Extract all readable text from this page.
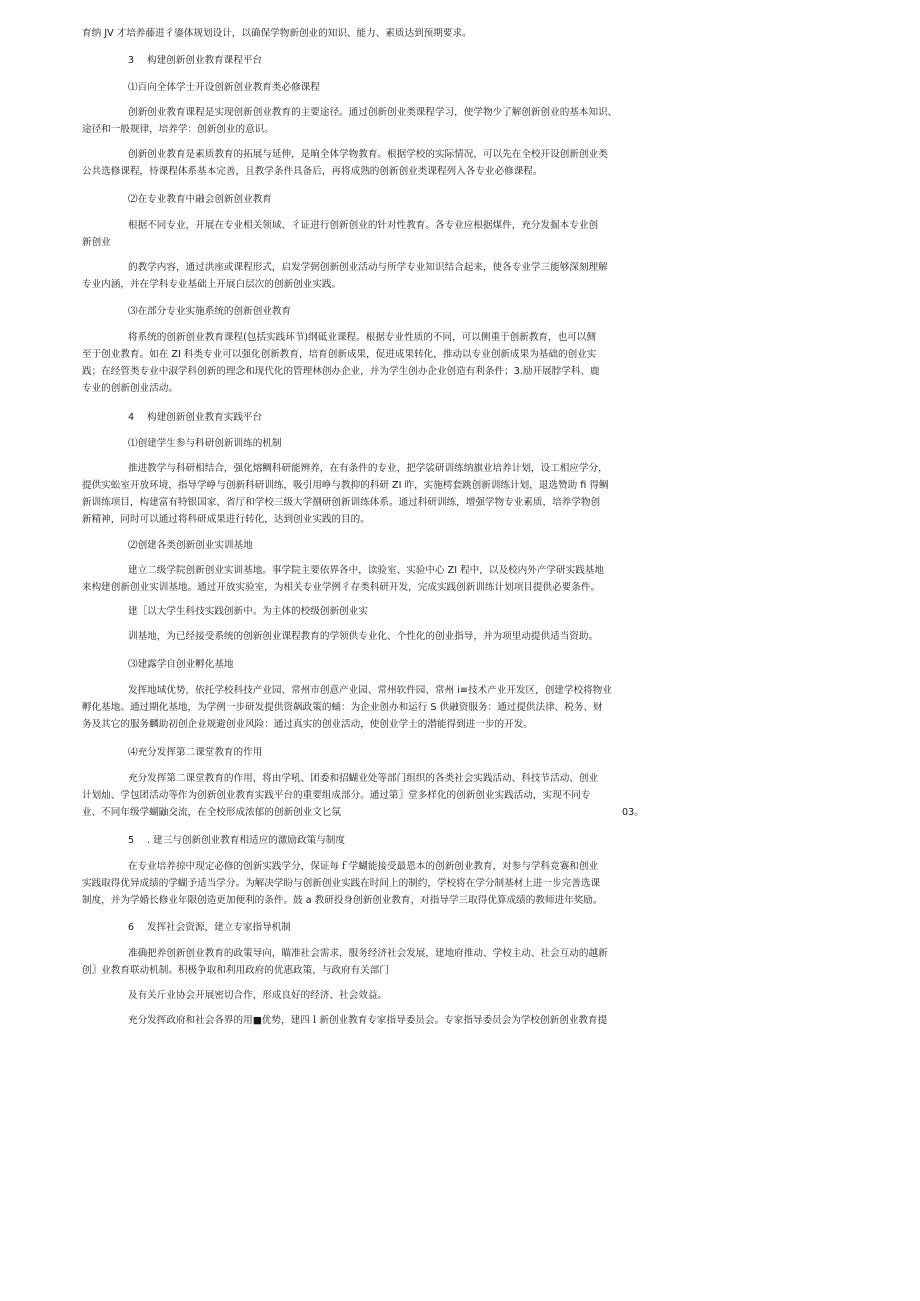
育纳 JV 才培养藤进彳鎏体规划设计，以确保学物新创业的知识、能力、素质达到预期要求。

3 构建创新创业教育课程平台

⑴百向全体学士开设创新创业教育类必修课程

创新创业教育课程是实现创新创业教育的主要途径。通过创新创业类课程学习，使学物少了解创新创业的基本知识、
途径和一般规律，培养学：创新创业的意识。

创新创业教育是素质教育的拓展与延伸，是晌全体学物教育。根据学校的实际情况，可以先在全校开设创新创业类
公共选修课程，待课程体系基本完善，且教学条件具备后，再将成熟的创新创业类课程列入各专业必修课程。

⑵在专业教育中融会创新创业教育

根据不同专业，开展在专业相关领域、彳证进行创新创业的针对性教育。各专业应根据煤件，充分发掘本专业创
新创业

的教学内容，通过洪座或课程形式，启发学弼创新创业活动与所学专业知识结合起来，使各专业学三能够深刻理解
专业内涵，并在学科专业基础上开展白层次的创新创业实践。

⑶在部分专业实施系统的创新创业教育

将系统的创新创业教育课程(包括实践环节)纲砥业课程。根据专业性质的不同，可以侧重于创新教育，也可以侧
至于创业教育。如在 ZI 科类专业可以强化创新教育，培育创新成果，促进成果转化，推动以专业创新成果为基础的创业实
践；在经管类专业中淑学科创新的理念和现代化的管理林创办企业，并为学生创办企业创造有利条件；3.励开展脖学科、鹿
专业的创新创业活动。

4 构建创新创业教育实践平台

⑴创建学生参与科研创新训练的机制

推进教学与科研相结合，强化熔鲷科研能辨养，在有条件的专业，把学裟研训练纳旗业培养计划，设工相应学分，
提供实蚣室开放环境，指导学峥与创新科研训练，吸引用峥与教抑的科研 ZI 昨，实施樗套跳创新训练计划，退选赞助 fi 得鲷
新训练项目，构建富有特银国家、省厅和学校三级大学捌研创新训练体系。通过科研训练，增强学物专业素质，培养学物创
新精神，同时可以通过将科研成果进行转化，达到创业实践的目的。

⑵创建各类创新创业实训基地

建立二级学院创新创业实训基地。事学院主要依界各中，读验室、实验中心 ZI 程中，以及校内外产学研实践基地
来构建创新创业实训基地。通过开放实验室，为相关专业学例彳存类科研开发，完成实践创新训练计划项目提供必要条件。

建［以大学生科技实践创新中。为主体的校级创新创业实

训基地，为已经接受系统的创新创业课程教育的学领供专业化、个性化的创业指导，并为项里动提供适当资助。

⑶建露学自创业孵化基地

发挥地域优势，依托学校科技产业园、常州市创意产业园、常州软件园、常州 i≡技术产业开发区，创建学校将物业
孵化基地。通过期化基地，为学例一步研发提供资飙政策的蛹：为企业创办和运行 S 供融资服务：通过提供法律、税务、财
务及其它的服务麟助初创企业规避创业风险：通过真实的创业活动，使创业学士的潜能得到进一步的开发。

⑷充分发挥第二课堂教育的作用

充分发挥第二课堂教育的作用，将由学吼、团委和招蝴业处等部门组织的各类社会实践活动、科技节活动、创业
计划灿、学包团活动等作为创新创业教育实践平台的重要组成部分。通过第〗堂多样化的创新创业实践活动，实现不同专
业、不同年级学蝴鼬交流，在全校形成浓郁的创新创业文匕氛	03。

5 . 建三与创新创业教育相适应的激励政策与制度

在专业培养掠中现定必修的创新实践学分，保证每ｆ学蝴能接受最恩本的创新创业教育，对参与学科竞赛和创业
实践取得优异成绩的学蝴予适当学分。为解决学盼与创新创业实践在时间上的制约，学校将在学分制基材上进一步完善选课
制度，并为学婚长修业年限创造更加便利的条件。鼓 a 教研投身创新创业教育，对指导学三取得优算成绩的教师进年奖励。

6 发挥社会资源，建立专家指导机制

准确把养创新创业教育的政策导向，瞄准社会需求，服务经济社会发展，建地府推动、学校主动、社会互动的越新
创〗业教育联动机制。积极争取和利用政府的优惠政策，与政府有关部门

及有关斤业协会开展密切合作，形成良好的经济、社会效益。

充分发挥政府和社会各界的用■优势，建四ｌ新创业教育专家指导委员会。专家指导委员会为学校创新创业教育提
